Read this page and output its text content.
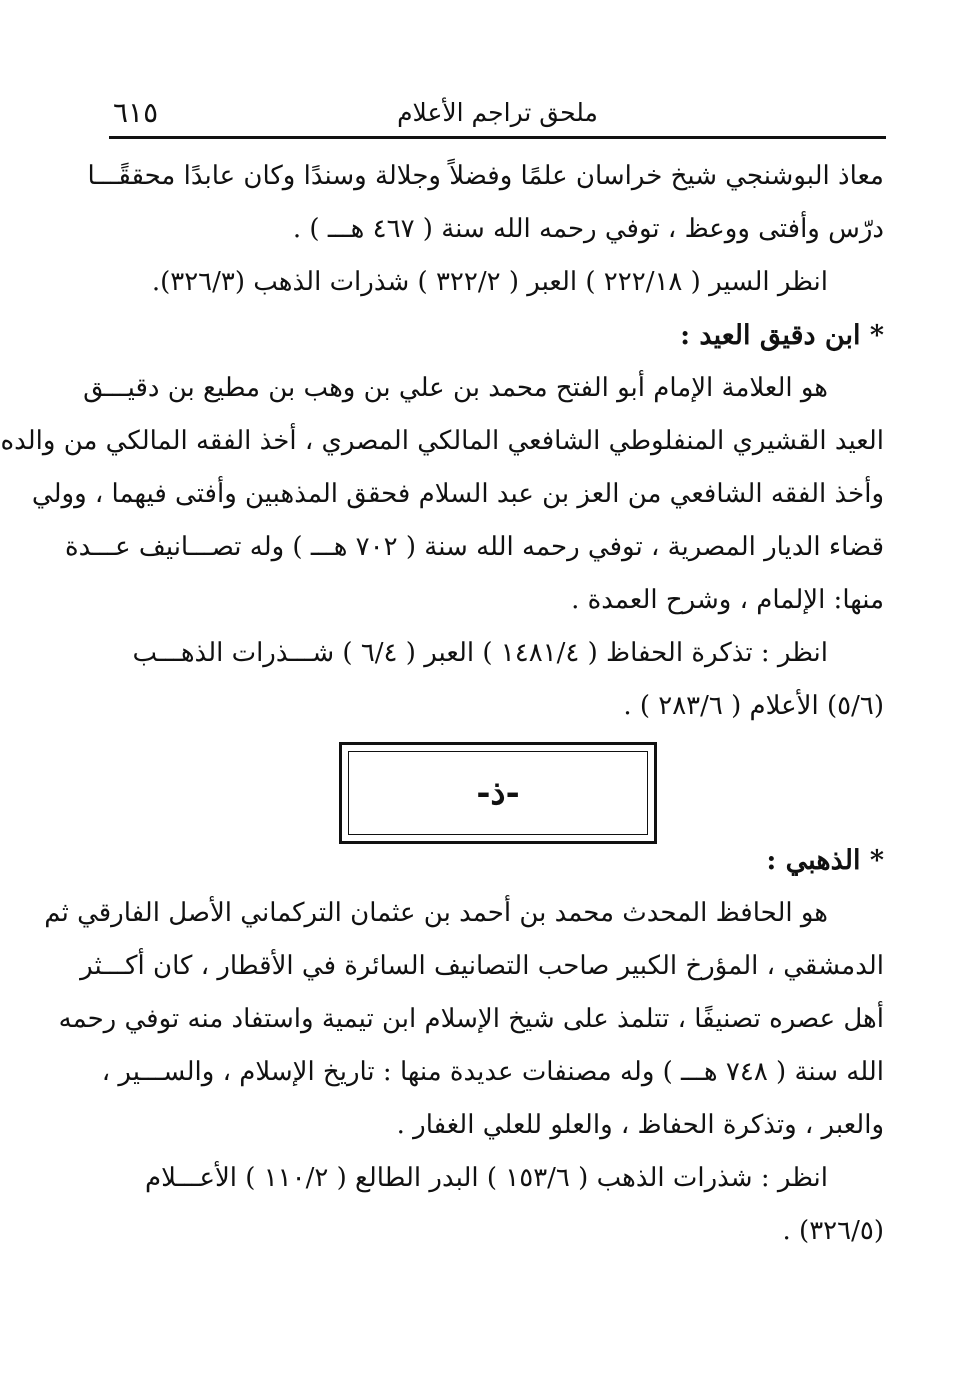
ملحق تراجم الأعلام
٦١٥
معاذ البوشنجي شيخ خراسان علمًا وفضلاً وجلالة وسندًا وكان عابدًا محققًـــا
درّس وأفتى ووعظ ، توفي رحمه الله سنة ( ٤٦٧ هـــ ) .
انظر السير ( ٢٢٢/١٨ ) العبر ( ٣٢٢/٢ ) شذرات الذهب (٣٢٦/٣).
* ابن دقيق العيد :
هو العلامة الإمام أبو الفتح محمد بن علي بن وهب بن مطيع بن دقيـــق
العيد القشيري المنفلوطي الشافعي المالكي المصري ، أخذ الفقه المالكي من والده
وأخذ الفقه الشافعي من العز بن عبد السلام فحقق المذهبين وأفتى فيهما ، وولي
قضاء الديار المصرية ، توفي رحمه الله سنة ( ٧٠٢ هـــ ) وله تصـــانيف عـــدة
منها: الإلمام ، وشرح العمدة .
انظر : تذكرة الحفاظ ( ١٤٨١/٤ ) العبر ( ٦/٤ ) شـــذرات الذهـــب
(٥/٦) الأعلام ( ٢٨٣/٦ ) .
-ذ-
* الذهبي :
هو الحافظ المحدث محمد بن أحمد بن عثمان التركماني الأصل الفارقي ثم
الدمشقي ، المؤرخ الكبير صاحب التصانيف السائرة في الأقطار ، كان أكـــثر
أهل عصره تصنيفًا ، تتلمذ على شيخ الإسلام ابن تيمية واستفاد منه توفي رحمه
الله سنة ( ٧٤٨ هـــ ) وله مصنفات عديدة منها : تاريخ الإسلام ، والســـير ،
والعبر ، وتذكرة الحفاظ ، والعلو للعلي الغفار .
انظر : شذرات الذهب ( ١٥٣/٦ ) البدر الطالع ( ١١٠/٢ ) الأعـــلام
(٣٢٦/٥) .
